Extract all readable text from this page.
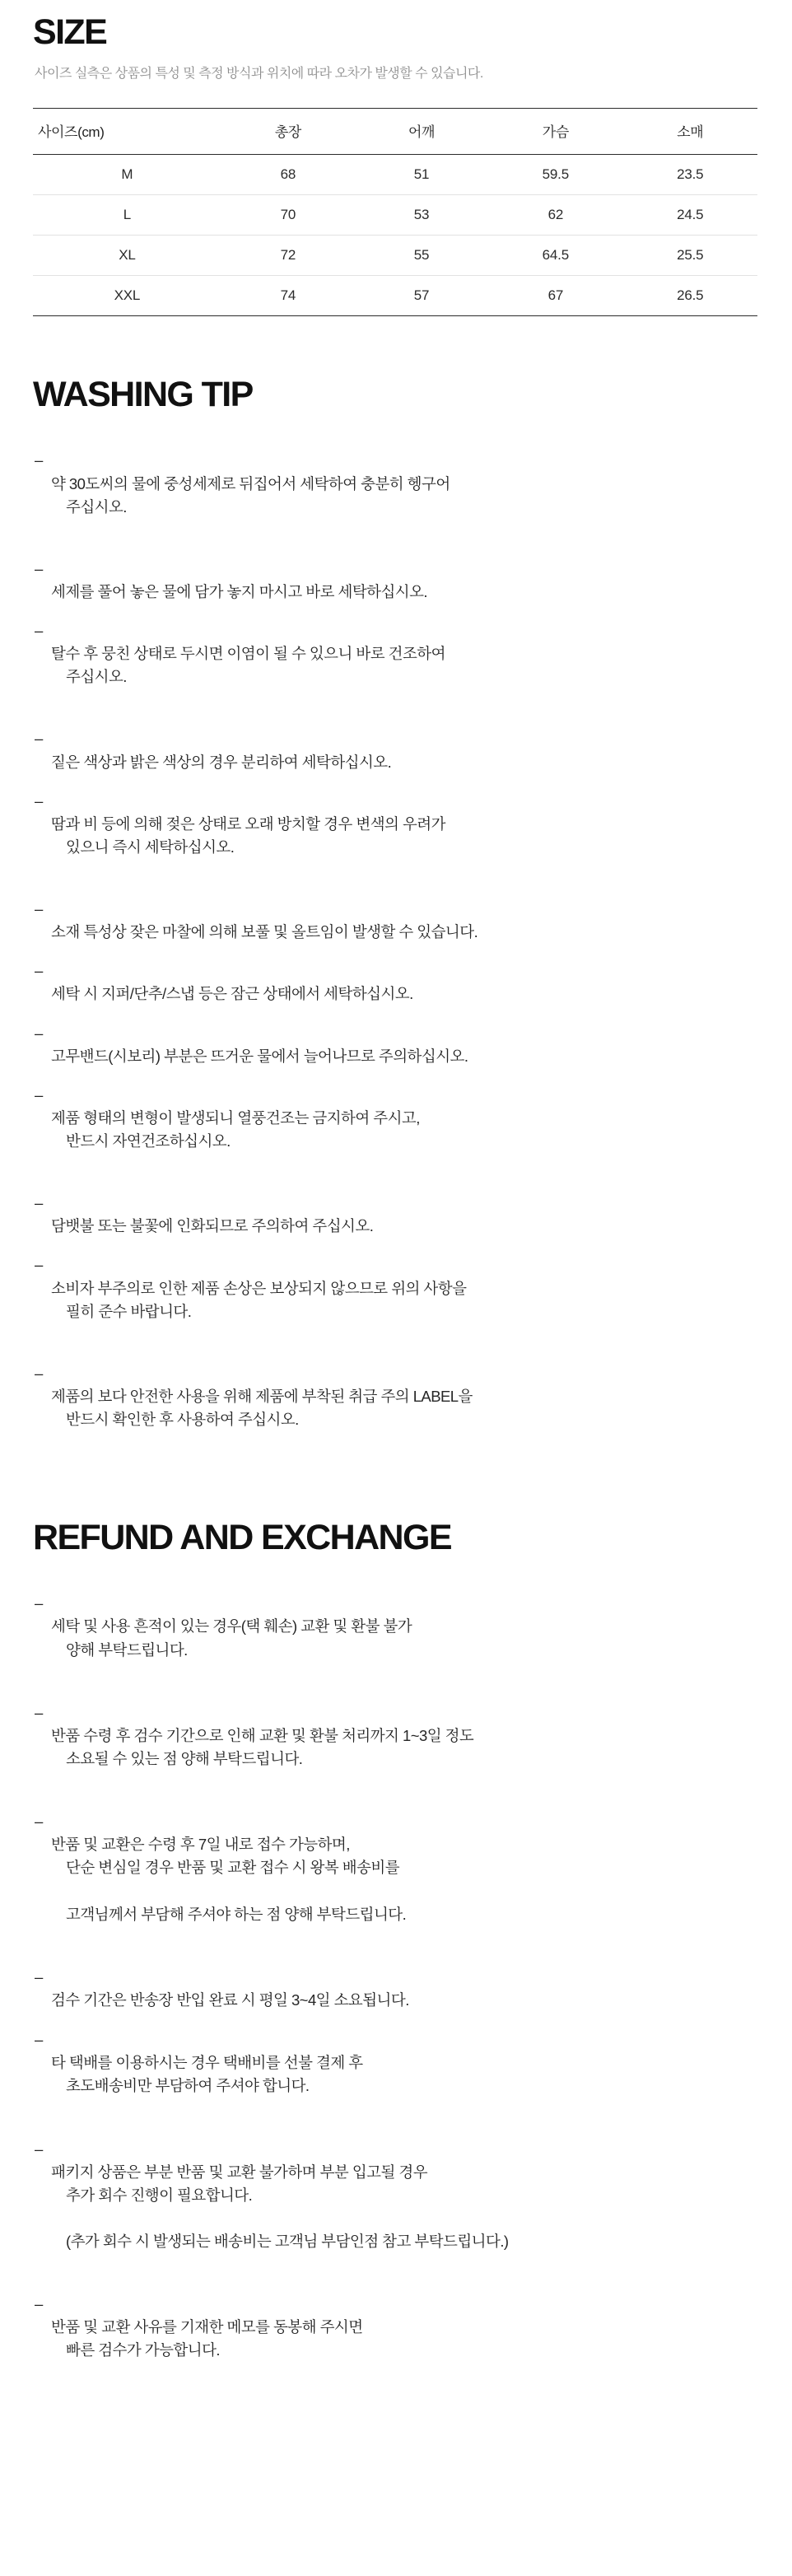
SIZE

사이즈 실측은 상품의 특성 및 측정 방식과 위치에 따라 오차가 발생할 수 있습니다.

사이즈(cm)	총장	어깨	가슴	소매
M	68	51	59.5	23.5
L	70	53	62	24.5
XL	72	55	64.5	25.5
XXL	74	57	67	26.5
WASHING TIP

– 약 30도씨의 물에 중성세제로 뒤집어서 세탁하여 충분히 헹구어

주십시오.

– 세제를 풀어 놓은 물에 담가 놓지 마시고 바로 세탁하십시오.

– 탈수 후 뭉친 상태로 두시면 이염이 될 수 있으니 바로 건조하여

주십시오.

– 짙은 색상과 밝은 색상의 경우 분리하여 세탁하십시오.

– 땀과 비 등에 의해 젖은 상태로 오래 방치할 경우 변색의 우려가

있으니 즉시 세탁하십시오.

– 소재 특성상 잦은 마찰에 의해 보풀 및 올트임이 발생할 수 있습니다.

– 세탁 시 지퍼/단추/스냅 등은 잠근 상태에서 세탁하십시오.

– 고무밴드(시보리) 부분은 뜨거운 물에서 늘어나므로 주의하십시오.

– 제품 형태의 변형이 발생되니 열풍건조는 금지하여 주시고,

반드시 자연건조하십시오.

– 담뱃불 또는 불꽃에 인화되므로 주의하여 주십시오.

– 소비자 부주의로 인한 제품 손상은 보상되지 않으므로 위의 사항을

필히 준수 바랍니다.

– 제품의 보다 안전한 사용을 위해 제품에 부착된 취급 주의 LABEL을

반드시 확인한 후 사용하여 주십시오.

REFUND AND EXCHANGE

– 세탁 및 사용 흔적이 있는 경우(택 훼손) 교환 및 환불 불가

양해 부탁드립니다.

– 반품 수령 후 검수 기간으로 인해 교환 및 환불 처리까지 1~3일 정도

소요될 수 있는 점 양해 부탁드립니다.

– 반품 및 교환은 수령 후 7일 내로 접수 가능하며,

단순 변심일 경우 반품 및 교환 접수 시 왕복 배송비를

고객님께서 부담해 주셔야 하는 점 양해 부탁드립니다.

– 검수 기간은 반송장 반입 완료 시 평일 3~4일 소요됩니다.

– 타 택배를 이용하시는 경우 택배비를 선불 결제 후

초도배송비만 부담하여 주셔야 합니다.

– 패키지 상품은 부분 반품 및 교환 불가하며 부분 입고될 경우

추가 회수 진행이 필요합니다.

(추가 회수 시 발생되는 배송비는 고객님 부담인점 참고 부탁드립니다.)

– 반품 및 교환 사유를 기재한 메모를 동봉해 주시면

빠른 검수가 가능합니다.
